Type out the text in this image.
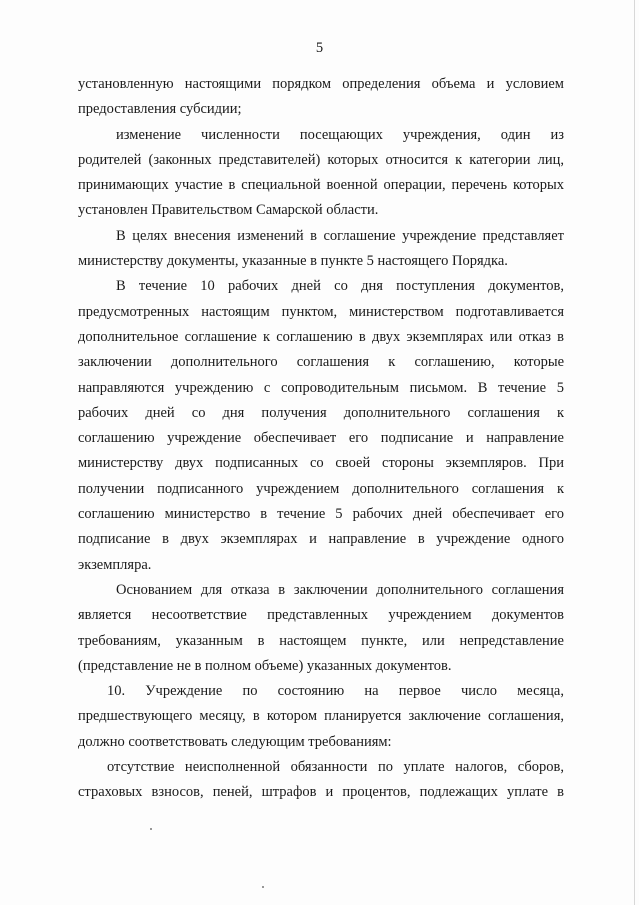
5

установленную настоящими порядком определения объема и условием
предоставления субсидии;

изменение численности посещающих учреждения, один из
родителей (законных представителей) которых относится к категории лиц,
принимающих участие в специальной военной операции, перечень которых
установлен Правительством Самарской области.

В целях внесения изменений в соглашение учреждение представляет
министерству документы, указанные в пункте 5 настоящего Порядка.

В течение 10 рабочих дней со дня поступления документов,
предусмотренных настоящим пунктом, министерством подготавливается
дополнительное соглашение к соглашению в двух экземплярах или отказ в
заключении дополнительного соглашения к соглашению, которые
направляются учреждению с сопроводительным письмом. В течение 5
рабочих дней со дня получения дополнительного соглашения к
соглашению учреждение обеспечивает его подписание и направление
министерству двух подписанных со своей стороны экземпляров. При
получении подписанного учреждением дополнительного соглашения к
соглашению министерство в течение 5 рабочих дней обеспечивает его
подписание в двух экземплярах и направление в учреждение одного
экземпляра.

Основанием для отказа в заключении дополнительного соглашения
является несоответствие представленных учреждением документов
требованиям, указанным в настоящем пункте, или непредставление
(представление не в полном объеме) указанных документов.

10. Учреждение по состоянию на первое число месяца,
предшествующего месяцу, в котором планируется заключение соглашения,
должно соответствовать следующим требованиям:

отсутствие неисполненной обязанности по уплате налогов, сборов,
страховых взносов, пеней, штрафов и процентов, подлежащих уплате в
